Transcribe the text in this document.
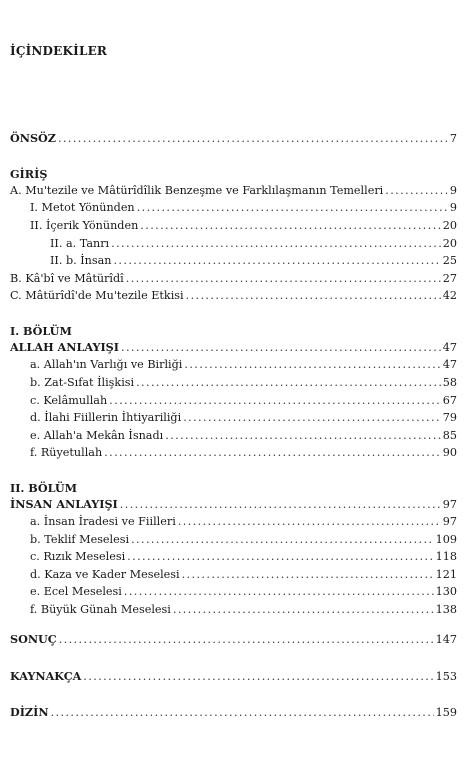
İÇİNDEKİLER
ÖNSÖZ .....	7
GİRİŞ
A. Mu'tezile ve Mâtürîdîlik Benzeşme ve Farklılaşmanın Temelleri .....	9
I. Metot Yönünden .....	9
II. İçerik Yönünden .....	20
II. a. Tanrı .....	20
II. b. İnsan .....	25
B. Kâ'bî ve Mâtürîdî .....	27
C. Mâtürîdî'de Mu'tezile Etkisi .....	42
I. BÖLÜM
ALLAH ANLAYIŞI .....	47
a. Allah'ın Varlığı ve Birliği .....	47
b. Zat-Sıfat İlişkisi .....	58
c. Kelâmullah .....	67
d. İlahi Fiillerin İhtiyariliği .....	79
e. Allah'a Mekân İsnadı .....	85
f. Rüyetullah .....	90
II. BÖLÜM
İNSAN ANLAYIŞI .....	97
a. İnsan İradesi ve Fiilleri .....	97
b. Teklif Meselesi .....	109
c. Rızık Meselesi .....	118
d. Kaza ve Kader Meselesi .....	121
e. Ecel Meselesi .....	130
f. Büyük Günah Meselesi .....	138
SONUÇ .....	147
KAYNAKÇA .....	153
DİZİN .....	159
